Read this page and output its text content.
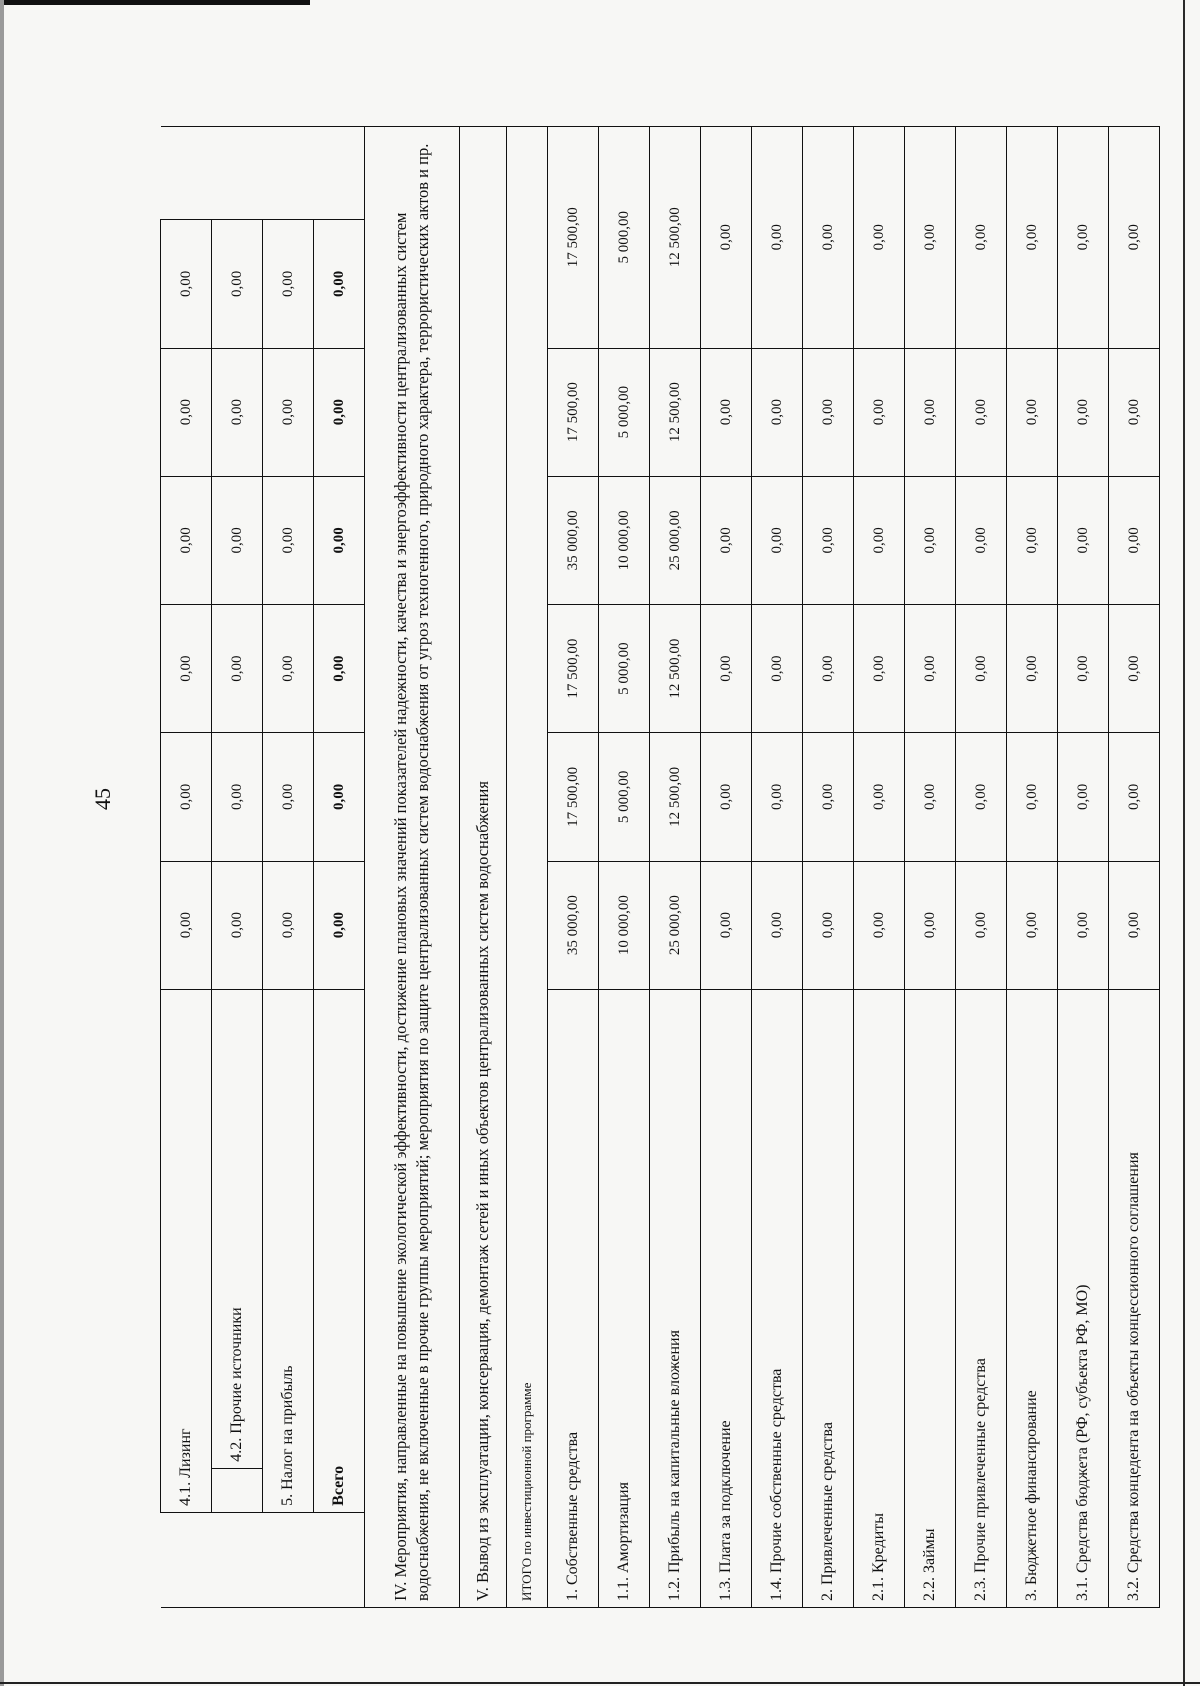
45
	4.1. Лизинг		0,00	0,00	0,00	0,00	0,00	0,00	
		4.2. Прочие источники	0,00	0,00	0,00	0,00	0,00	0,00	
	5. Налог на прибыль		0,00	0,00	0,00	0,00	0,00	0,00	
	Всего		0,00	0,00	0,00	0,00	0,00	0,00	
IV. Мероприятия, направленные на повышение экологической эффективности, достижение плановых значений показателей надежности, качества и энергоэффективности централизованных систем водоснабжения, не включенные в прочие группы мероприятий; мероприятия по защите централизованных систем водоснабжения от угроз техногенного, природного характера, террористических актов и пр.									
V. Вывод из эксплуатации, консервация, демонтаж сетей и иных объектов централизованных систем водоснабжения									
ИТОГО по инвестиционной программе									
1. Собственные средства			35 000,00	17 500,00	17 500,00	35 000,00	17 500,00	17 500,00	
1.1. Амортизация			10 000,00	5 000,00	5 000,00	10 000,00	5 000,00	5 000,00	
1.2. Прибыль на капитальные вложения			25 000,00	12 500,00	12 500,00	25 000,00	12 500,00	12 500,00	
1.3. Плата за подключение			0,00	0,00	0,00	0,00	0,00	0,00	
1.4. Прочие собственные средства			0,00	0,00	0,00	0,00	0,00	0,00	
2. Привлеченные средства			0,00	0,00	0,00	0,00	0,00	0,00	
2.1. Кредиты			0,00	0,00	0,00	0,00	0,00	0,00	
2.2. Займы			0,00	0,00	0,00	0,00	0,00	0,00	
2.3. Прочие привлеченные средства			0,00	0,00	0,00	0,00	0,00	0,00	
3. Бюджетное финансирование			0,00	0,00	0,00	0,00	0,00	0,00	
3.1. Средства бюджета (РФ, субъекта РФ, МО)			0,00	0,00	0,00	0,00	0,00	0,00	
3.2. Средства концедента на объекты концессионного соглашения			0,00	0,00	0,00	0,00	0,00	0,00	
